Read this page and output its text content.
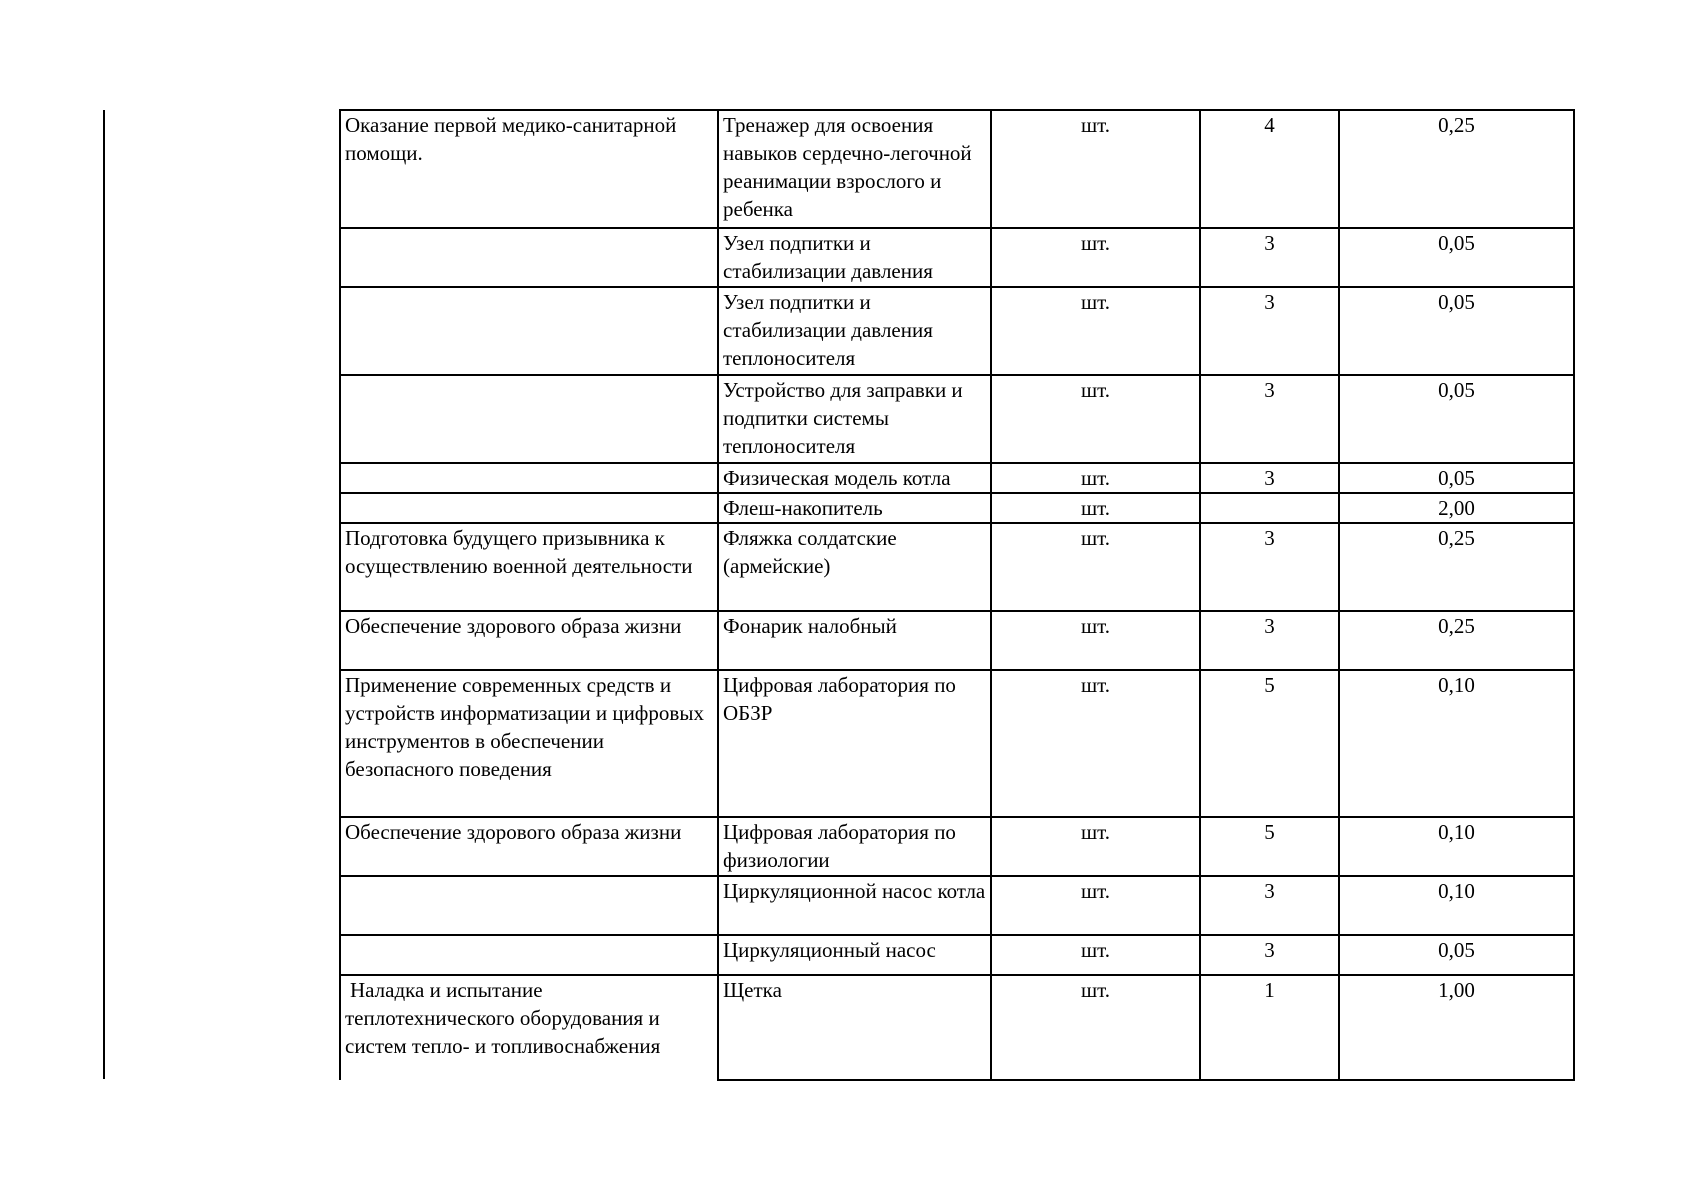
Оказание первой медико-санитарной помощи.	Тренажер для освоения навыков сердечно-легочной реанимации взрослого и ребенка	шт.	4	0,25
	Узел подпитки и стабилизации давления	шт.	3	0,05
	Узел подпитки и стабилизации давления теплоносителя	шт.	3	0,05
	Устройство для заправки и подпитки системы теплоносителя	шт.	3	0,05
	Физическая модель котла	шт.	3	0,05
	Флеш-накопитель	шт.		2,00
Подготовка будущего призывника к осуществлению военной деятельности	Фляжка солдатские (армейские)	шт.	3	0,25
Обеспечение здорового образа жизни	Фонарик налобный	шт.	3	0,25
Применение современных средств и устройств информатизации и цифровых инструментов в обеспечении безопасного поведения	Цифровая лаборатория по ОБЗР	шт.	5	0,10
Обеспечение здорового образа жизни	Цифровая лаборатория по физиологии	шт.	5	0,10
	Циркуляционной насос котла	шт.	3	0,10
	Циркуляционный насос	шт.	3	0,05
Наладка и испытание теплотехнического оборудования и систем тепло- и топливоснабжения	Щетка	шт.	1	1,00
